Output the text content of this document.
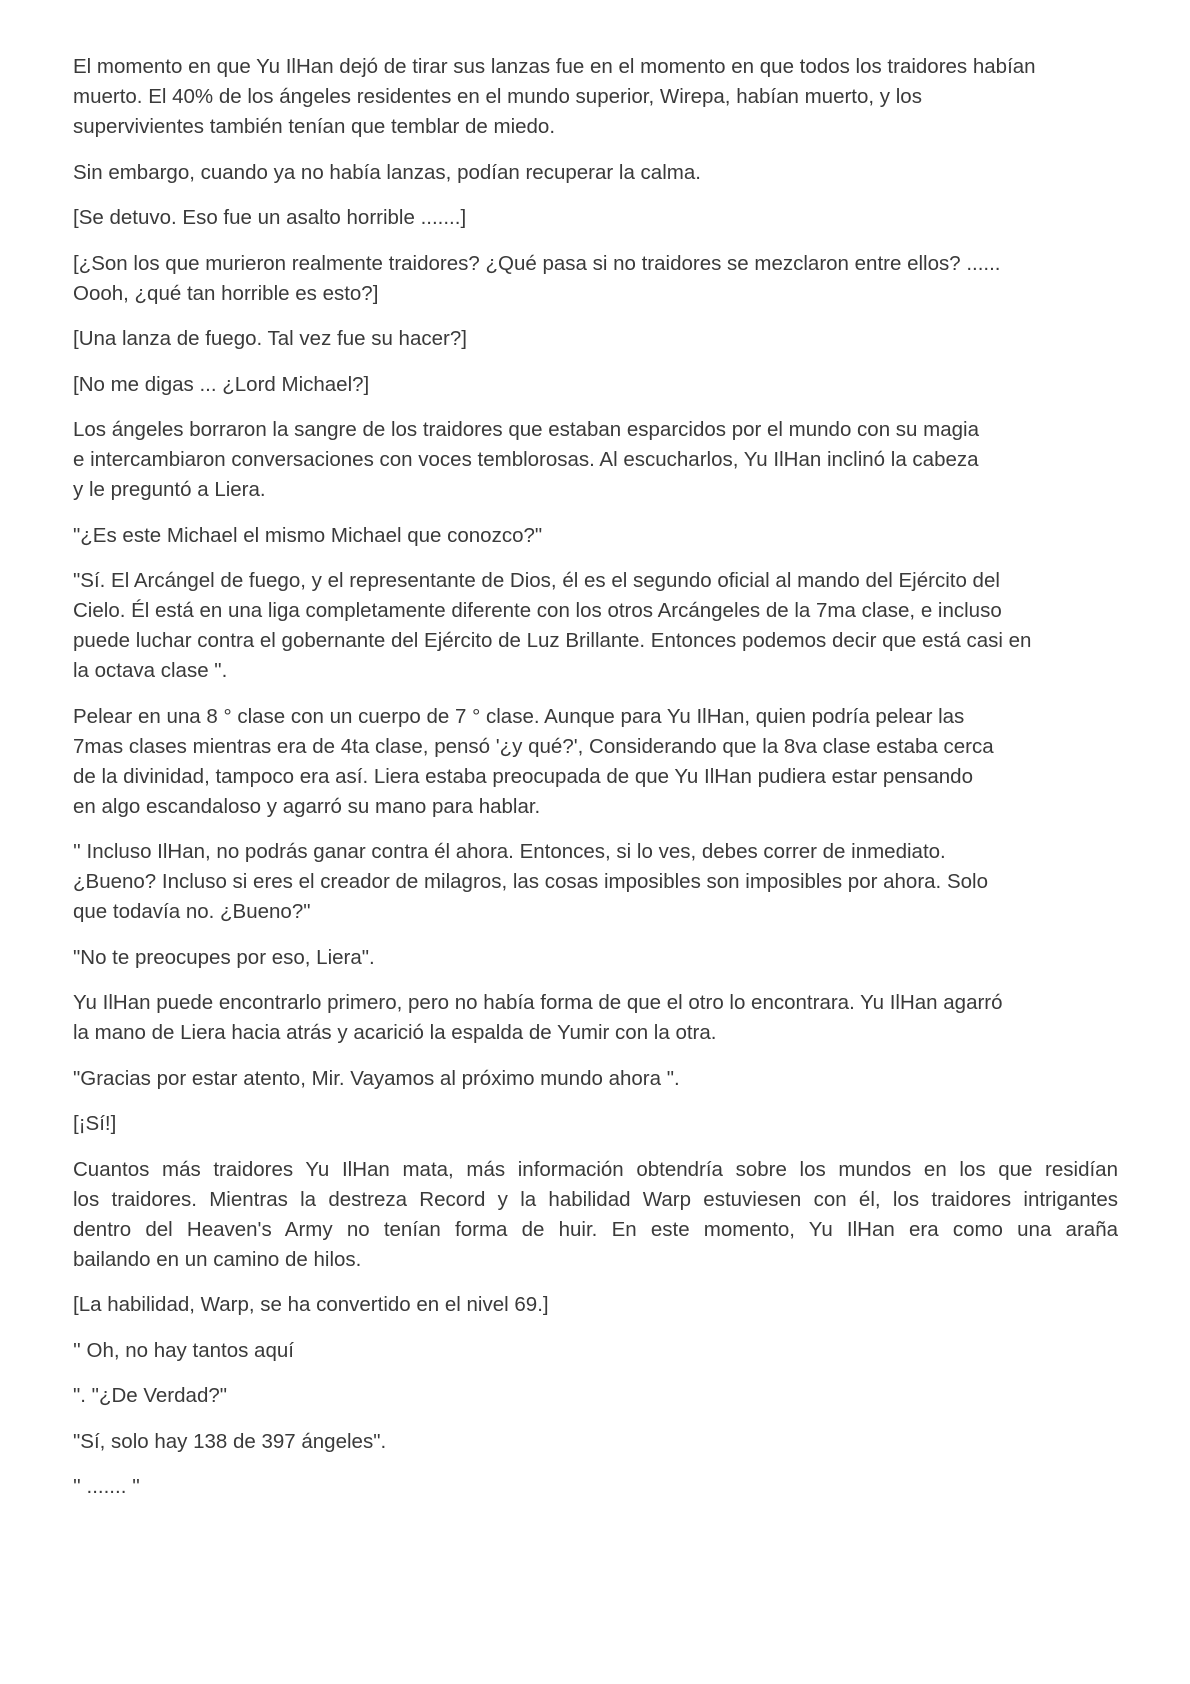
El momento en que Yu IlHan dejó de tirar sus lanzas fue en el momento en que todos los traidores habían
muerto. El 40% de los ángeles residentes en el mundo superior, Wirepa, habían muerto, y los
supervivientes también tenían que temblar de miedo.

Sin embargo, cuando ya no había lanzas, podían recuperar la calma.

[Se detuvo. Eso fue un asalto horrible .......]

[¿Son los que murieron realmente traidores? ¿Qué pasa si no traidores se mezclaron entre ellos? ......
Oooh, ¿qué tan horrible es esto?]

[Una lanza de fuego. Tal vez fue su hacer?]

[No me digas ... ¿Lord Michael?]

Los ángeles borraron la sangre de los traidores que estaban esparcidos por el mundo con su magia
e intercambiaron conversaciones con voces temblorosas. Al escucharlos, Yu IlHan inclinó la cabeza
y le preguntó a Liera.

"¿Es este Michael el mismo Michael que conozco?"

"Sí. El Arcángel de fuego, y el representante de Dios, él es el segundo oficial al mando del Ejército del
Cielo. Él está en una liga completamente diferente con los otros Arcángeles de la 7ma clase, e incluso
puede luchar contra el gobernante del Ejército de Luz Brillante. Entonces podemos decir que está casi en
la octava clase ".

Pelear en una 8 ° clase con un cuerpo de 7 ° clase. Aunque para Yu IlHan, quien podría pelear las
7mas clases mientras era de 4ta clase, pensó '¿y qué?', Considerando que la 8va clase estaba cerca
de la divinidad, tampoco era así. Liera estaba preocupada de que Yu IlHan pudiera estar pensando
en algo escandaloso y agarró su mano para hablar.

'' Incluso IlHan, no podrás ganar contra él ahora. Entonces, si lo ves, debes correr de inmediato.
¿Bueno? Incluso si eres el creador de milagros, las cosas imposibles son imposibles por ahora. Solo
que todavía no. ¿Bueno?"

"No te preocupes por eso, Liera".

Yu IlHan puede encontrarlo primero, pero no había forma de que el otro lo encontrara. Yu IlHan agarró
la mano de Liera hacia atrás y acarició la espalda de Yumir con la otra.

"Gracias por estar atento, Mir. Vayamos al próximo mundo ahora ".

[¡Sí!]

Cuantos más traidores Yu IlHan mata, más información obtendría sobre los mundos en los que residían
los traidores. Mientras la destreza Record y la habilidad Warp estuviesen con él, los traidores intrigantes
dentro del Heaven's Army no tenían forma de huir. En este momento, Yu IlHan era como una araña
bailando en un camino de hilos.

[La habilidad, Warp, se ha convertido en el nivel 69.]

'' Oh, no hay tantos aquí

". "¿De Verdad?"

"Sí, solo hay 138 de 397 ángeles".

'' ....... ''
